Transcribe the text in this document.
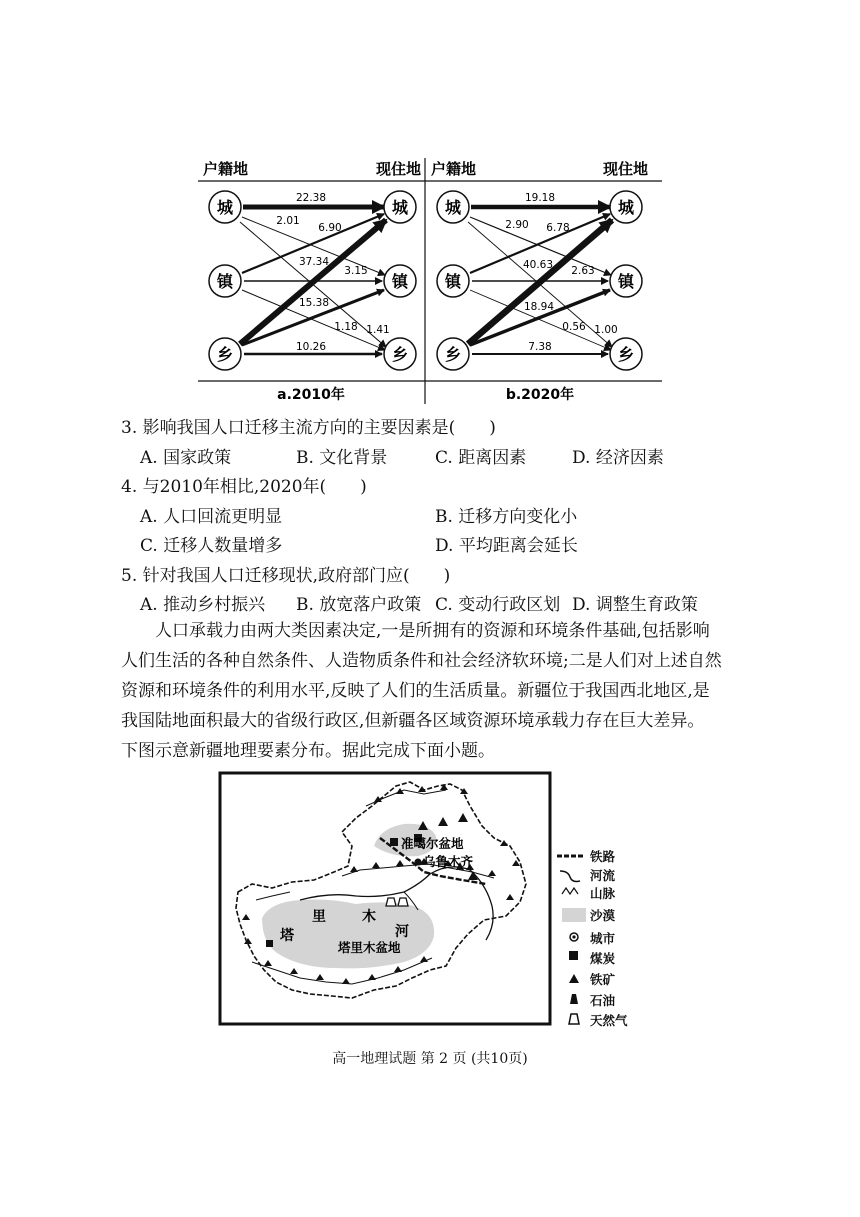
户籍地	现住地 户籍地	现住地
城
镇
乡
城
镇
乡
城
镇
乡
城
镇
乡
22.38
2.01
6.90
37.34
3.15
15.38
1.18 1.41
10.26
19.18
2.90 6.78
40.63 2.63
18.94
0.56 1.00
7.38
a.2010年	b.2020年
3. 影响我国人口迁移主流方向的主要因素是(　　)
A. 国家政策	B. 文化背景	C. 距离因素	D. 经济因素
4. 与2010年相比,2020年(　　)
A. 人口回流更明显	B. 迁移方向变化小
C. 迁移人数量增多	D. 平均距离会延长
5. 针对我国人口迁移现状,政府部门应(　　)
A. 推动乡村振兴 B. 放宽落户政策 C. 变动行政区划 D. 调整生育政策
　　人口承载力由两大类因素决定,一是所拥有的资源和环境条件基础,包括影响
人们生活的各种自然条件、人造物质条件和社会经济软环境;二是人们对上述自然
资源和环境条件的利用水平,反映了人们的生活质量。新疆位于我国西北地区,是
我国陆地面积最大的省级行政区,但新疆各区域资源环境承载力存在巨大差异。
下图示意新疆地理要素分布。据此完成下面小题。
准噶尔盆地
乌鲁木齐
塔
里	木
河
塔里木盆地
铁路
河流
山脉
沙漠
城市
煤炭
铁矿
石油
天然气
高一地理试题 第 2 页 (共10页)
